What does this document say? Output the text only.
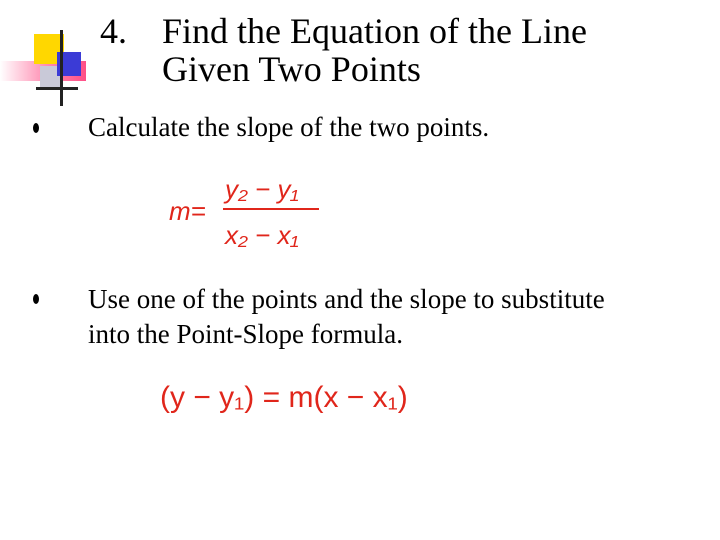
4. Find the Equation of the Line
Given Two Points
Calculate the slope of the two points.
m=
y₂ − y₁
x₂ − x₁
Use one of the points and the slope to substitute into the Point-Slope formula.
(y − y₁) = m(x − x₁)
